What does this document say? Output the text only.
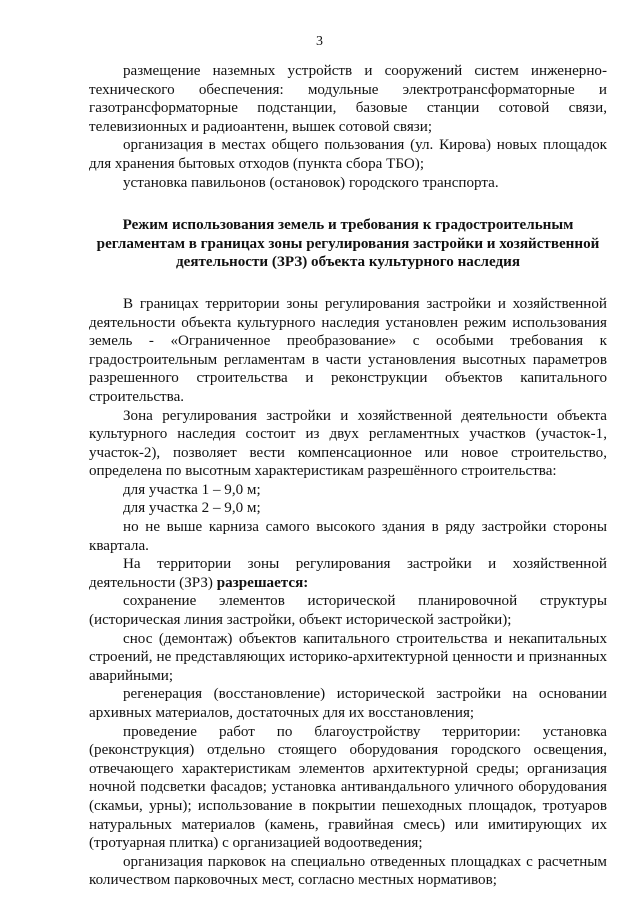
3

размещение наземных устройств и сооружений систем инженерно-технического обеспечения: модульные электротрансформаторные и газотрансформаторные подстанции, базовые станции сотовой связи, телевизионных и радиоантенн, вышек сотовой связи;

организация в местах общего пользования (ул. Кирова) новых площадок для хранения бытовых отходов (пункта сбора ТБО);

установка павильонов (остановок) городского транспорта.

Режим использования земель и требования к градостроительным регламентам в границах зоны регулирования застройки и хозяйственной деятельности (ЗРЗ) объекта культурного наследия

В границах территории зоны регулирования застройки и хозяйственной деятельности объекта культурного наследия установлен режим использования земель - «Ограниченное преобразование» с особыми требования к градостроительным регламентам в части установления высотных параметров разрешенного строительства и реконструкции объектов капитального строительства.

Зона регулирования застройки и хозяйственной деятельности объекта культурного наследия состоит из двух регламентных участков (участок-1, участок-2), позволяет вести компенсационное или новое строительство, определена по высотным характеристикам разрешённого строительства:

для участка 1 – 9,0 м;

для участка 2 – 9,0 м;

но не выше карниза самого высокого здания в ряду застройки стороны квартала.

На территории зоны регулирования застройки и хозяйственной деятельности (ЗРЗ) разрешается:

сохранение элементов исторической планировочной структуры (историческая линия застройки, объект исторической застройки);

снос (демонтаж) объектов капитального строительства и некапитальных строений, не представляющих историко-архитектурной ценности и признанных аварийными;

регенерация (восстановление) исторической застройки на основании архивных материалов, достаточных для их восстановления;

проведение работ по благоустройству территории: установка (реконструкция) отдельно стоящего оборудования городского освещения, отвечающего характеристикам элементов архитектурной среды; организация ночной подсветки фасадов; установка антивандального уличного оборудования (скамьи, урны); использование в покрытии пешеходных площадок, тротуаров натуральных материалов (камень, гравийная смесь) или имитирующих их (тротуарная плитка) с организацией водоотведения;

организация парковок на специально отведенных площадках с расчетным количеством парковочных мест, согласно местных нормативов;
